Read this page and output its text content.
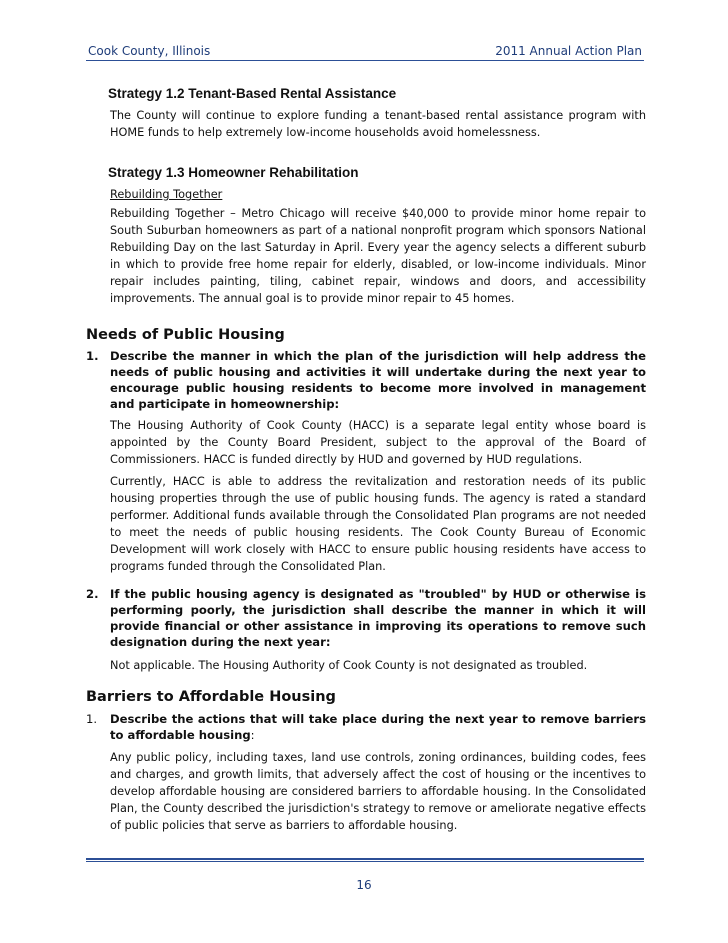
Cook County, Illinois	2011 Annual Action Plan
Strategy 1.2 Tenant-Based Rental Assistance
The County will continue to explore funding a tenant-based rental assistance program with HOME funds to help extremely low-income households avoid homelessness.
Strategy 1.3 Homeowner Rehabilitation
Rebuilding Together
Rebuilding Together – Metro Chicago will receive $40,000 to provide minor home repair to South Suburban homeowners as part of a national nonprofit program which sponsors National Rebuilding Day on the last Saturday in April. Every year the agency selects a different suburb in which to provide free home repair for elderly, disabled, or low-income individuals. Minor repair includes painting, tiling, cabinet repair, windows and doors, and accessibility improvements. The annual goal is to provide minor repair to 45 homes.
Needs of Public Housing
1. Describe the manner in which the plan of the jurisdiction will help address the needs of public housing and activities it will undertake during the next year to encourage public housing residents to become more involved in management and participate in homeownership:
The Housing Authority of Cook County (HACC) is a separate legal entity whose board is appointed by the County Board President, subject to the approval of the Board of Commissioners. HACC is funded directly by HUD and governed by HUD regulations.
Currently, HACC is able to address the revitalization and restoration needs of its public housing properties through the use of public housing funds. The agency is rated a standard performer. Additional funds available through the Consolidated Plan programs are not needed to meet the needs of public housing residents. The Cook County Bureau of Economic Development will work closely with HACC to ensure public housing residents have access to programs funded through the Consolidated Plan.
2. If the public housing agency is designated as "troubled" by HUD or otherwise is performing poorly, the jurisdiction shall describe the manner in which it will provide financial or other assistance in improving its operations to remove such designation during the next year:
Not applicable. The Housing Authority of Cook County is not designated as troubled.
Barriers to Affordable Housing
1.	Describe the actions that will take place during the next year to remove barriers to affordable housing:
Any public policy, including taxes, land use controls, zoning ordinances, building codes, fees and charges, and growth limits, that adversely affect the cost of housing or the incentives to develop affordable housing are considered barriers to affordable housing. In the Consolidated Plan, the County described the jurisdiction's strategy to remove or ameliorate negative effects of public policies that serve as barriers to affordable housing.
16
